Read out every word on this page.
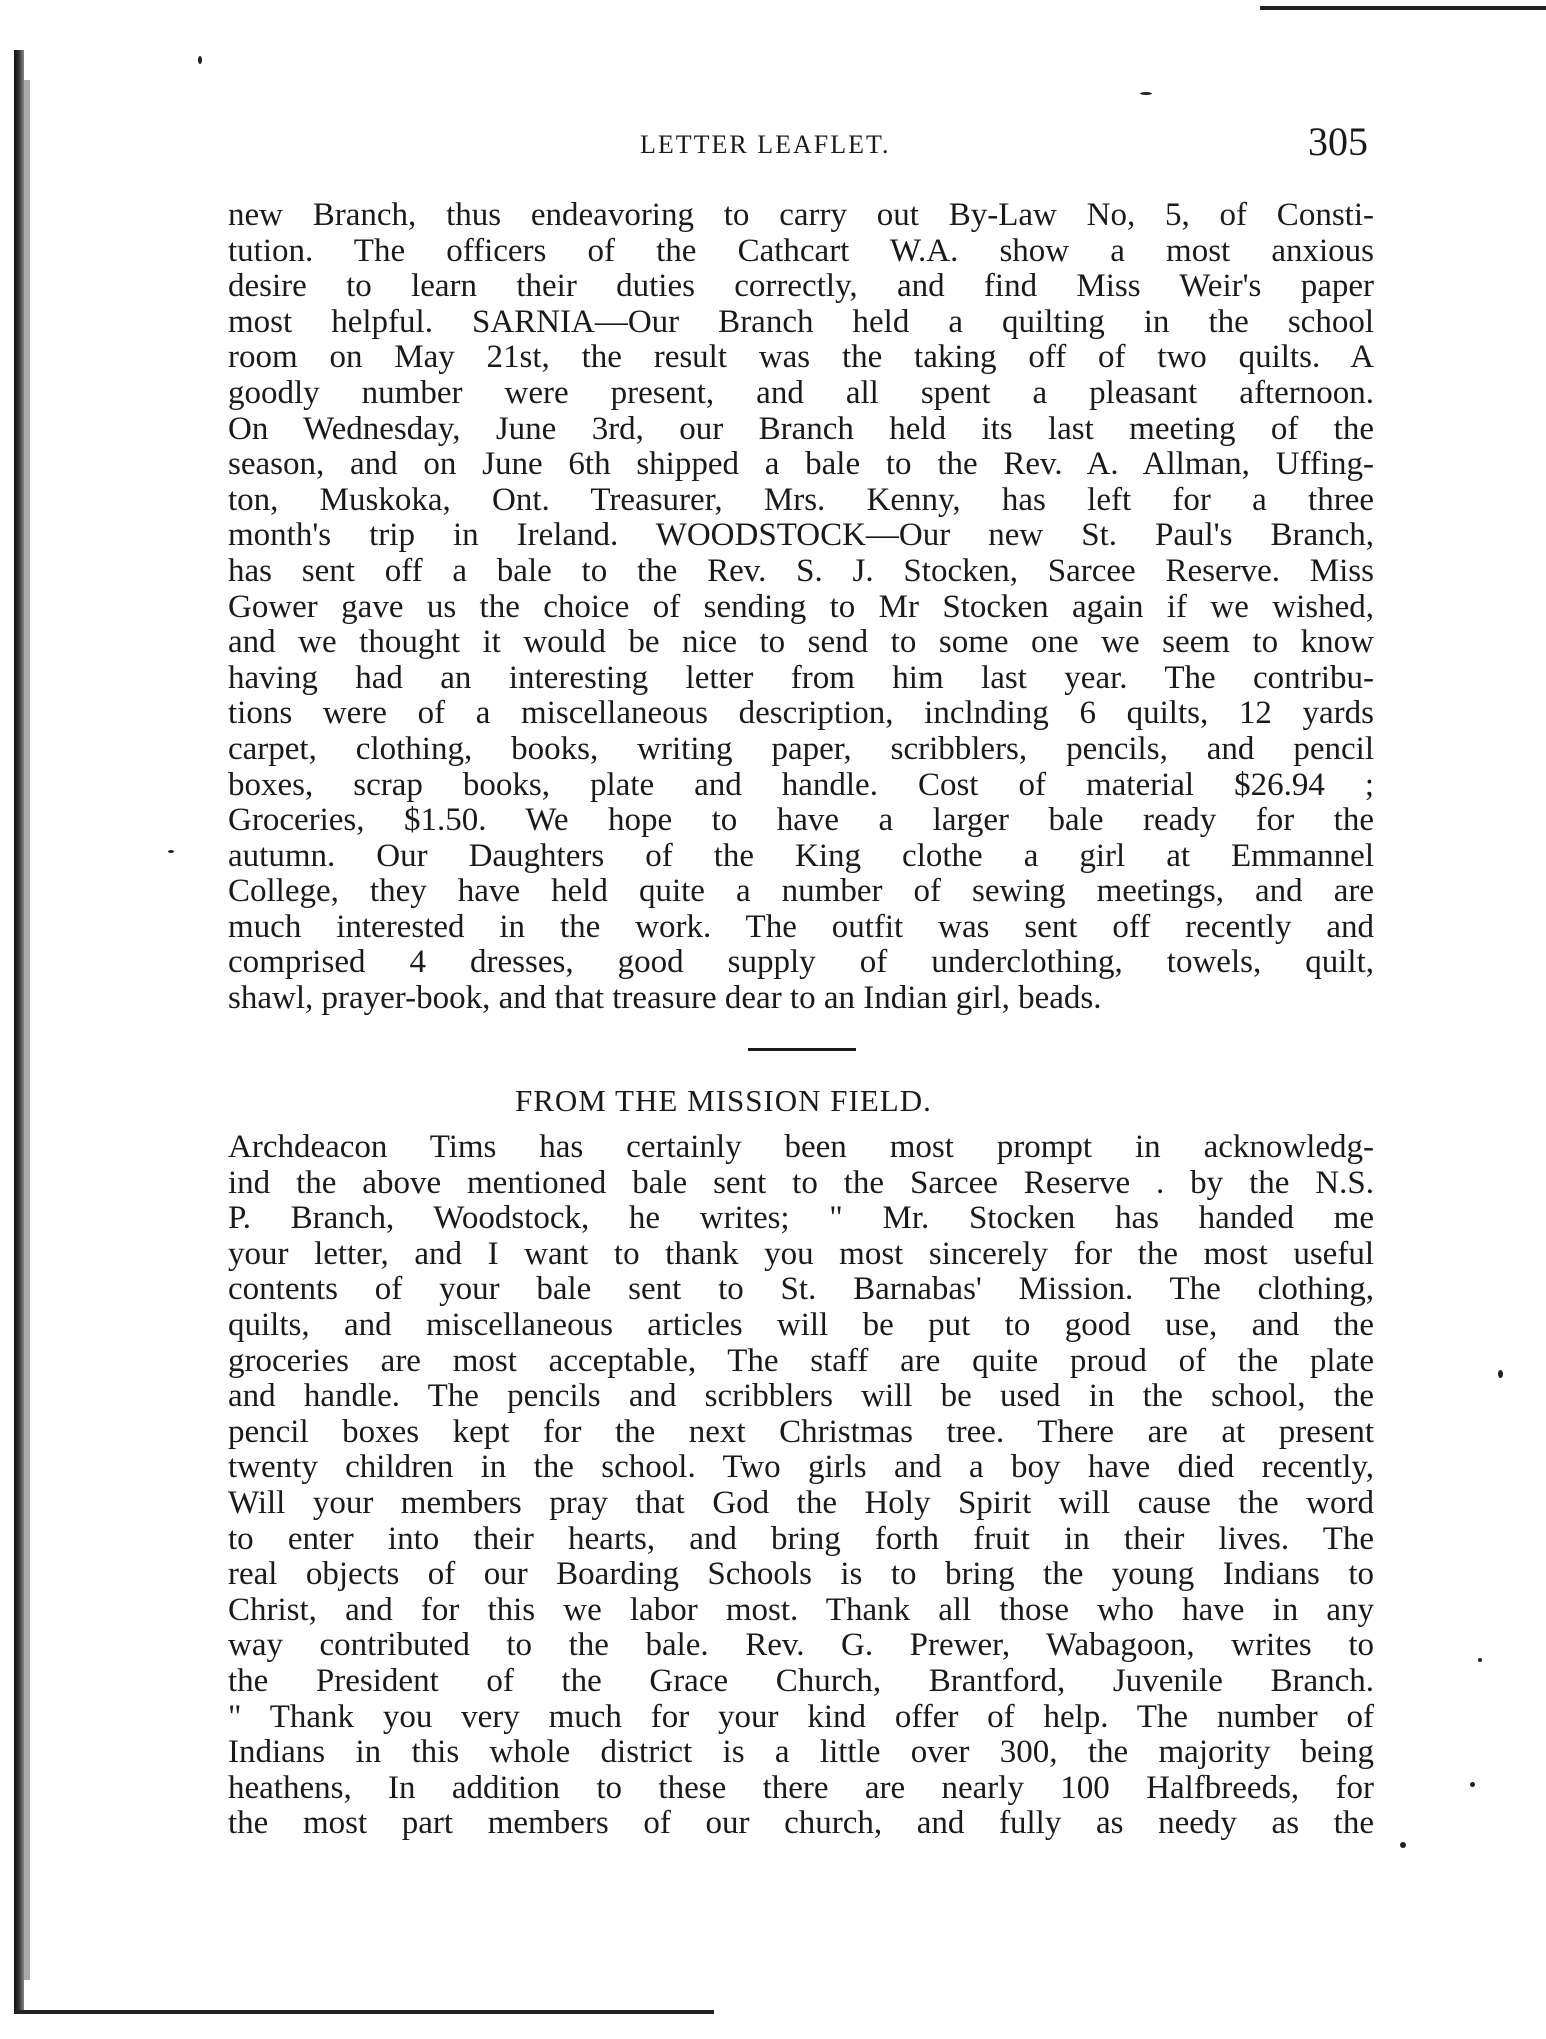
LETTER LEAFLET.	305
new Branch, thus endeavoring to carry out By-Law No, 5, of Consti-
tution. The officers of the Cathcart W.A. show a most anxious
desire to learn their duties correctly, and find Miss Weir's paper
most helpful. SARNIA—Our Branch held a quilting in the school
room on May 21st, the result was the taking off of two quilts. A
goodly number were present, and all spent a pleasant afternoon.
On Wednesday, June 3rd, our Branch held its last meeting of the
season, and on June 6th shipped a bale to the Rev. A. Allman, Uffing-
ton, Muskoka, Ont. Treasurer, Mrs. Kenny, has left for a three
month's trip in Ireland. WOODSTOCK—Our new St. Paul's Branch,
has sent off a bale to the Rev. S. J. Stocken, Sarcee Reserve. Miss
Gower gave us the choice of sending to Mr Stocken again if we wished,
and we thought it would be nice to send to some one we seem to know
having had an interesting letter from him last year. The contribu-
tions were of a miscellaneous description, inclnding 6 quilts, 12 yards
carpet, clothing, books, writing paper, scribblers, pencils, and pencil
boxes, scrap books, plate and handle. Cost of material $26.94 ;
Groceries, $1.50. We hope to have a larger bale ready for the
autumn. Our Daughters of the King clothe a girl at Emmannel
College, they have held quite a number of sewing meetings, and are
much interested in the work. The outfit was sent off recently and
comprised 4 dresses, good supply of underclothing, towels, quilt,
shawl, prayer-book, and that treasure dear to an Indian girl, beads.
FROM THE MISSION FIELD.
Archdeacon Tims has certainly been most prompt in acknowledg-
ind the above mentioned bale sent to the Sarcee Reserve . by the N.S.
P. Branch, Woodstock, he writes; " Mr. Stocken has handed me
your letter, and I want to thank you most sincerely for the most useful
contents of your bale sent to St. Barnabas' Mission. The clothing,
quilts, and miscellaneous articles will be put to good use, and the
groceries are most acceptable, The staff are quite proud of the plate
and handle. The pencils and scribblers will be used in the school, the
pencil boxes kept for the next Christmas tree. There are at present
twenty children in the school. Two girls and a boy have died recently,
Will your members pray that God the Holy Spirit will cause the word
to enter into their hearts, and bring forth fruit in their lives. The
real objects of our Boarding Schools is to bring the young Indians to
Christ, and for this we labor most. Thank all those who have in any
way contributed to the bale. Rev. G. Prewer, Wabagoon, writes to
the President of the Grace Church, Brantford, Juvenile Branch.
" Thank you very much for your kind offer of help. The number of
Indians in this whole district is a little over 300, the majority being
heathens, In addition to these there are nearly 100 Halfbreeds, for
the most part members of our church, and fully as needy as the
